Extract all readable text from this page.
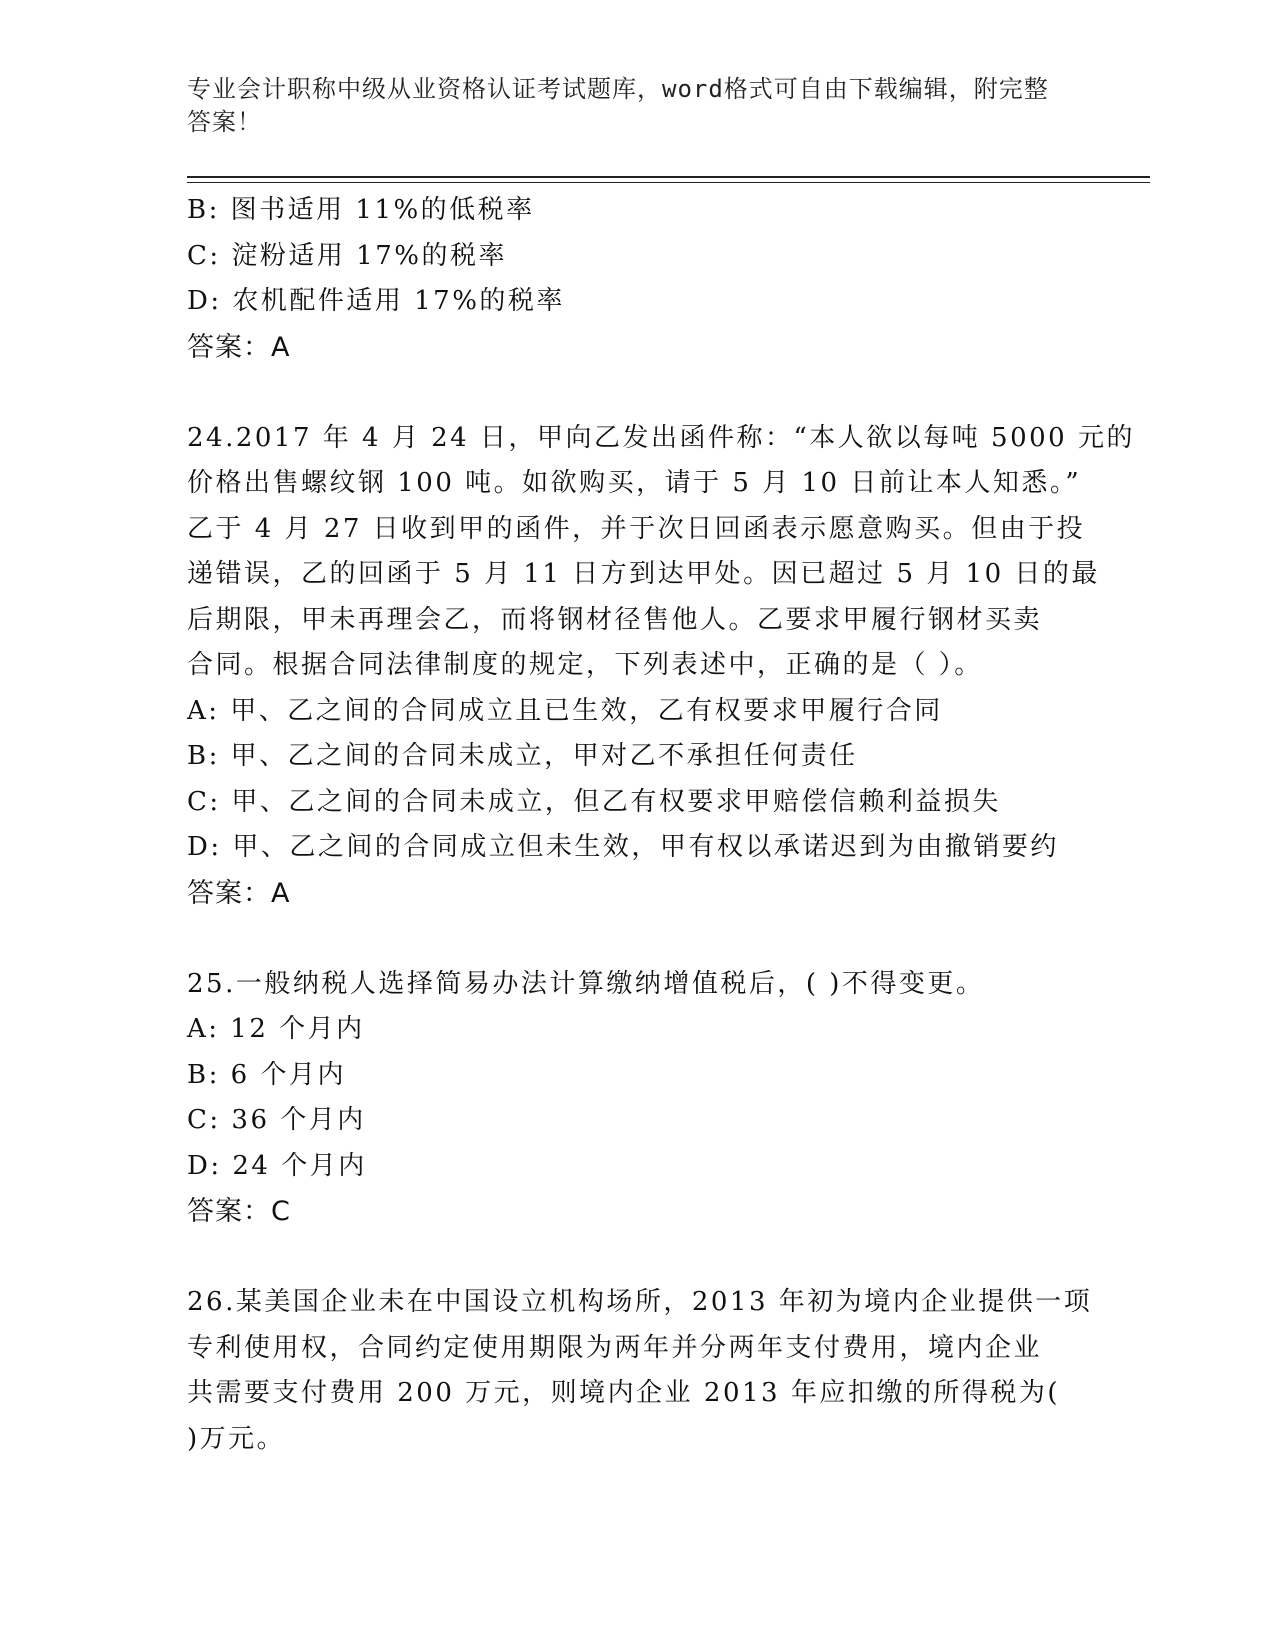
专业会计职称中级从业资格认证考试题库，word格式可自由下载编辑，附完整答案！
B: 图书适用 11%的低税率
C: 淀粉适用 17%的税率
D: 农机配件适用 17%的税率
答案：A
24.2017 年 4 月 24 日，甲向乙发出函件称：“本人欲以每吨 5000 元的
价格出售螺纹钢 100 吨。如欲购买，请于 5 月 10 日前让本人知悉。”
乙于 4 月 27 日收到甲的函件，并于次日回函表示愿意购买。但由于投
递错误，乙的回函于 5 月 11 日方到达甲处。因已超过 5 月 10 日的最
后期限，甲未再理会乙，而将钢材径售他人。乙要求甲履行钢材买卖
合同。根据合同法律制度的规定，下列表述中，正确的是（ ）。
A: 甲、乙之间的合同成立且已生效，乙有权要求甲履行合同
B: 甲、乙之间的合同未成立，甲对乙不承担任何责任
C: 甲、乙之间的合同未成立，但乙有权要求甲赔偿信赖利益损失
D: 甲、乙之间的合同成立但未生效，甲有权以承诺迟到为由撤销要约
答案：A
25.一般纳税人选择简易办法计算缴纳增值税后，( )不得变更。
A: 12 个月内
B: 6 个月内
C: 36 个月内
D: 24 个月内
答案：C
26.某美国企业未在中国设立机构场所，2013 年初为境内企业提供一项
专利使用权，合同约定使用期限为两年并分两年支付费用，境内企业
共需要支付费用 200 万元，则境内企业 2013 年应扣缴的所得税为(
)万元。
